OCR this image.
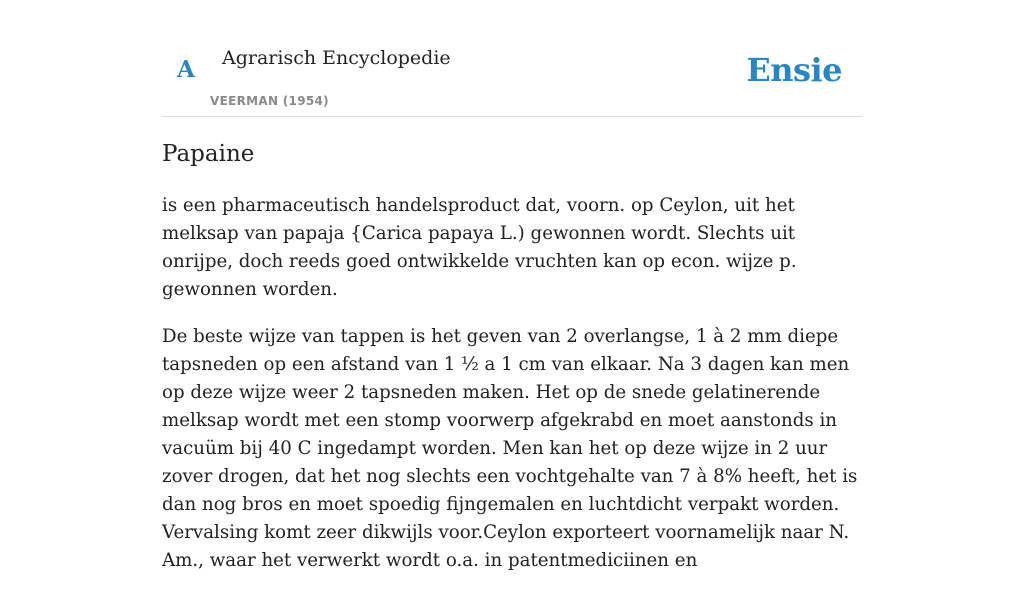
A Agrarisch Encyclopedie
VEERMAN (1954)
Ensie
Papaine

is een pharmaceutisch handelsproduct dat, voorn. op Ceylon, uit het melksap van papaja {Carica papaya L.) gewonnen wordt. Slechts uit onrijpe, doch reeds goed ontwikkelde vruchten kan op econ. wijze p. gewonnen worden.

De beste wijze van tappen is het geven van 2 overlangse, 1 à 2 mm diepe tapsneden op een afstand van 1 ½ a 1 cm van elkaar. Na 3 dagen kan men op deze wijze weer 2 tapsneden maken. Het op de snede gelatinerende melksap wordt met een stomp voorwerp afgekrabd en moet aanstonds in vacuüm bij 40 C ingedampt worden. Men kan het op deze wijze in 2 uur zover drogen, dat het nog slechts een vochtgehalte van 7 à 8% heeft, het is dan nog bros en moet spoedig fijngemalen en luchtdicht verpakt worden. Vervalsing komt zeer dikwijls voor.Ceylon exporteert voornamelijk naar N. Am., waar het verwerkt wordt o.a. in patentmediciinen en
